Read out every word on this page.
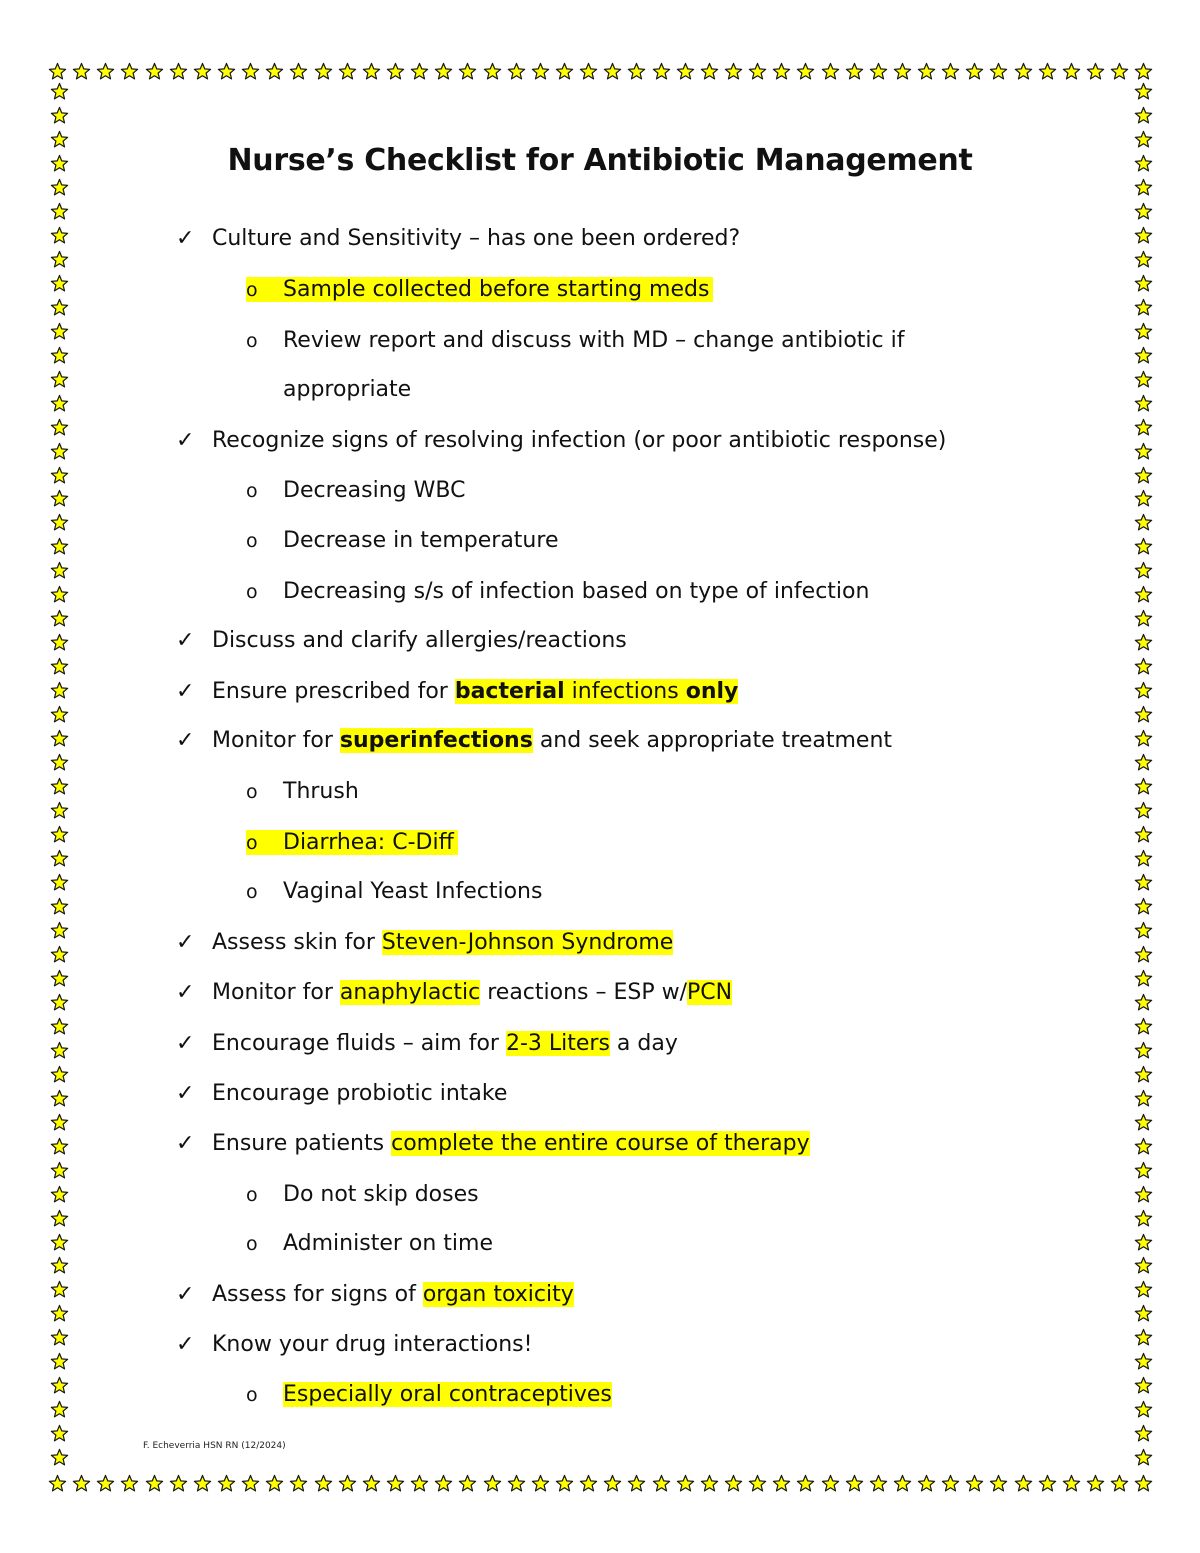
Nurse’s Checklist for Antibiotic Management
✓ Culture and Sensitivity – has one been ordered?
o Sample collected before starting meds
o Review report and discuss with MD – change antibiotic if
appropriate
✓ Recognize signs of resolving infection (or poor antibiotic response)
o Decreasing WBC
o Decrease in temperature
o Decreasing s/s of infection based on type of infection
✓ Discuss and clarify allergies/reactions
✓ Ensure prescribed for bacterial infections only
✓ Monitor for superinfections and seek appropriate treatment
o Thrush
o Diarrhea: C-Diff
o Vaginal Yeast Infections
✓ Assess skin for Steven-Johnson Syndrome
✓ Monitor for anaphylactic reactions – ESP w/PCN
✓ Encourage fluids – aim for 2-3 Liters a day
✓ Encourage probiotic intake
✓ Ensure patients complete the entire course of therapy
o Do not skip doses
o Administer on time
✓ Assess for signs of organ toxicity
✓ Know your drug interactions!
o Especially oral contraceptives
F. Echeverria HSN RN (12/2024)
